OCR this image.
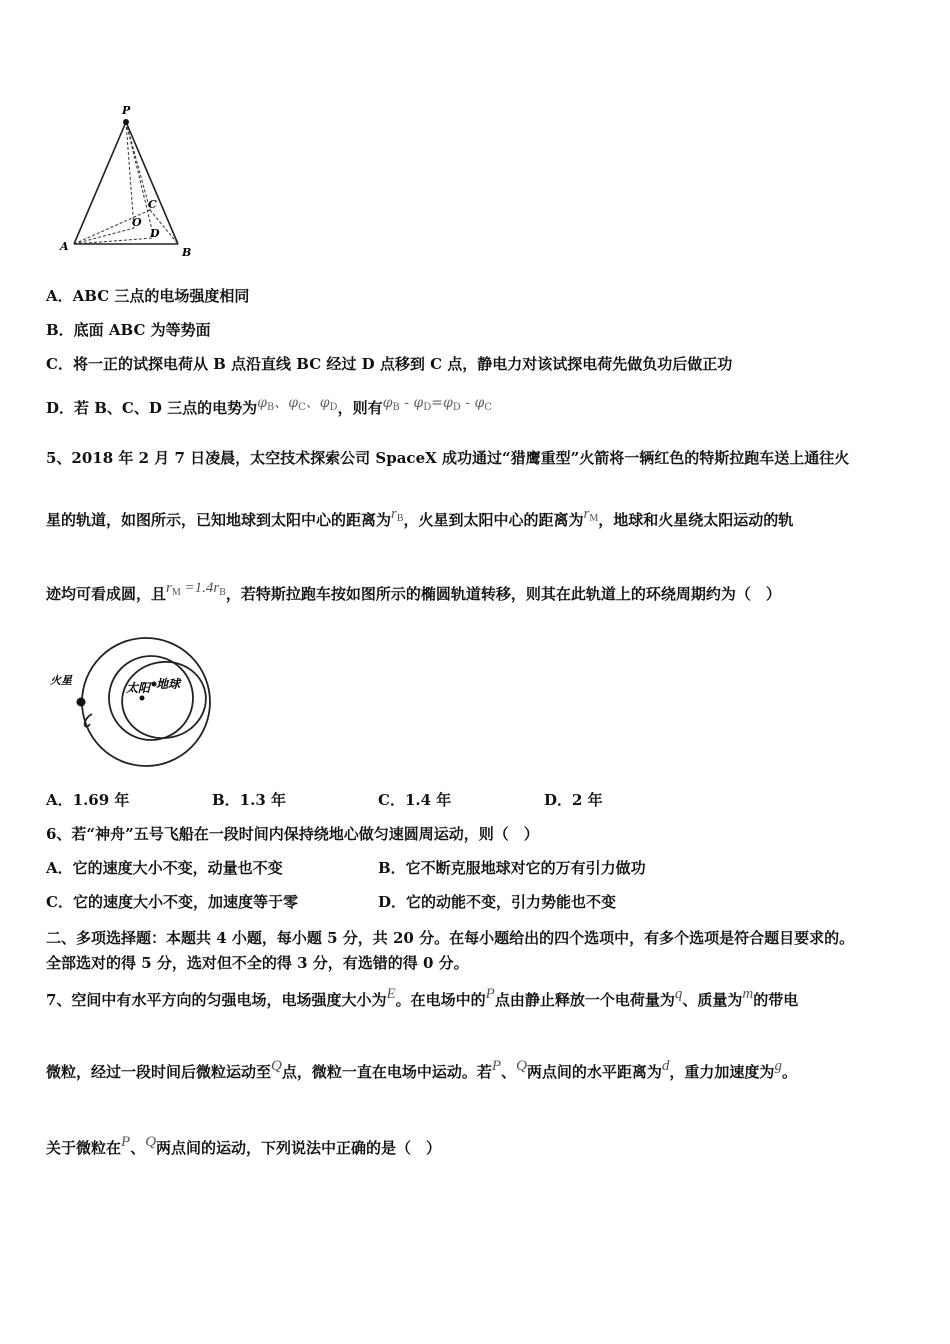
P
A	B
C
O
D
A．ABC 三点的电场强度相同
B．底面 ABC 为等势面
C．将一正的试探电荷从 B 点沿直线 BC 经过 D 点移到 C 点，静电力对该试探电荷先做负功后做正功
D．若 B、C、D 三点的电势为$\varphi_B$、$\varphi_C$、$\varphi_D$，则有$\varphi_B - \varphi_D=\varphi_D - \varphi_C$
5、2018 年 2 月 7 日凌晨，太空技术探索公司 SpaceX 成功通过“猎鹰重型”火箭将一辆红色的特斯拉跑车送上通往火
星的轨道，如图所示，已知地球到太阳中心的距离为$r_B$，火星到太阳中心的距离为$r_M$，地球和火星绕太阳运动的轨
迹均可看成圆，且$r_M =1.4r_B$，若特斯拉跑车按如图所示的椭圆轨道转移，则其在此轨道上的环绕周期约为（　）
火星
太阳 地球
A．1.69 年	B．1.3 年	C．1.4 年	D．2 年
6、若“神舟”五号飞船在一段时间内保持绕地心做匀速圆周运动，则（　）
A．它的速度大小不变，动量也不变	B．它不断克服地球对它的万有引力做功
C．它的速度大小不变，加速度等于零	D．它的动能不变，引力势能也不变
二、多项选择题：本题共 4 小题，每小题 5 分，共 20 分。在每小题给出的四个选项中，有多个选项是符合题目要求的。
全部选对的得 5 分，选对但不全的得 3 分，有选错的得 0 分。
7、空间中有水平方向的匀强电场，电场强度大小为E。在电场中的P点由静止释放一个电荷量为q、质量为m的带电
微粒，经过一段时间后微粒运动至Q点，微粒一直在电场中运动。若P、Q两点间的水平距离为d，重力加速度为g。
关于微粒在P、Q两点间的运动，下列说法中正确的是（　）
